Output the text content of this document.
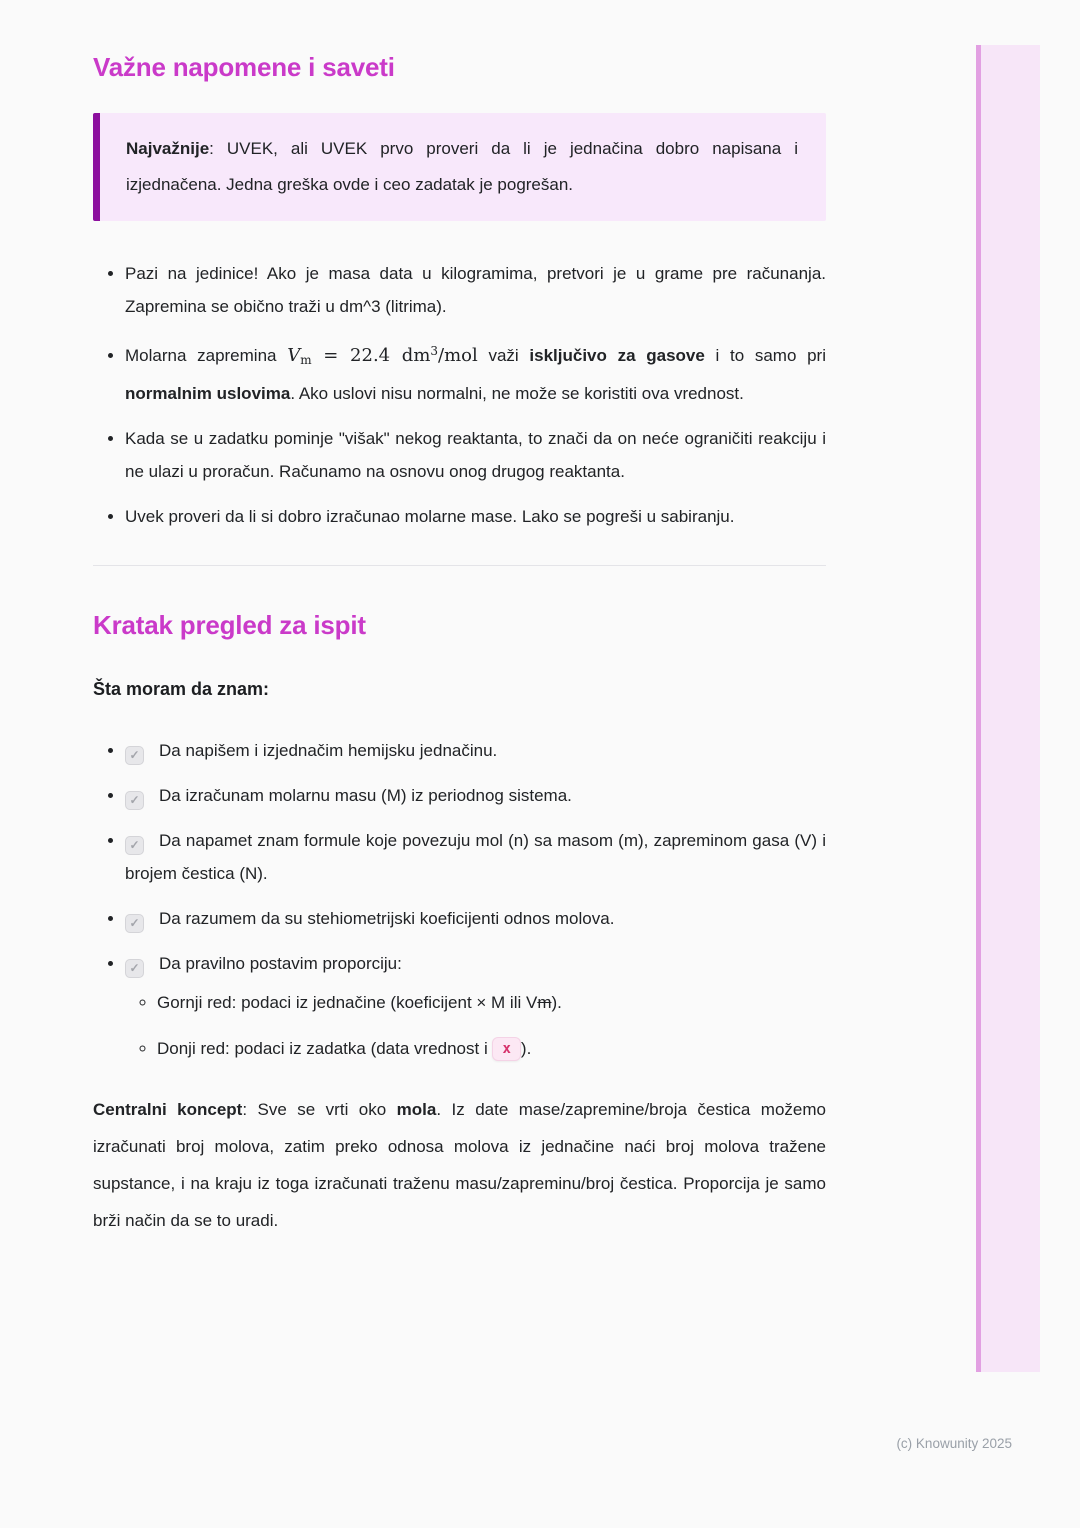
Važne napomene i saveti

Najvažnije: UVEK, ali UVEK prvo proveri da li je jednačina dobro napisana i izjednačena. Jedna greška ovde i ceo zadatak je pogrešan.

• Pazi na jedinice! Ako je masa data u kilogramima, pretvori je u grame pre računanja. Zapremina se obično traži u dm^3 (litrima).
• Molarna zapremina $V_m = 22.4$ $dm^3$/mol važi isključivo za gasove i to samo pri normalnim uslovima. Ako uslovi nisu normalni, ne može se koristiti ova vrednost.
• Kada se u zadatku pominje "višak" nekog reaktanta, to znači da on neće ograničiti reakciju i ne ulazi u proračun. Računamo na osnovu onog drugog reaktanta.
• Uvek proveri da li si dobro izračunao molarne mase. Lako se pogreši u sabiranju.
Kratak pregled za ispit

Šta moram da znam:

• ✓ Da napišem i izjednačim hemijsku jednačinu.
• ✓ Da izračunam molarnu masu (M) iz periodnog sistema.
• ✓ Da napamet znam formule koje povezuju mol (n) sa masom (m), zapreminom gasa (V) i brojem čestica (N).
• ✓ Da razumem da su stehiometrijski koeficijenti odnos molova.
• ✓ Da pravilno postavim proporciju:
◦ Gornji red: podaci iz jednačine (koeficijent × M ili Vm).
◦ Donji red: podaci iz zadatka (data vrednost i x ).

Centralni koncept: Sve se vrti oko mola. Iz date mase/zapremine/broja čestica možemo izračunati broj molova, zatim preko odnosa molova iz jednačine naći broj molova tražene supstance, i na kraju iz toga izračunati traženu masu/zapreminu/broj čestica. Proporcija je samo brži način da se to uradi.

(c) Knowunity 2025
